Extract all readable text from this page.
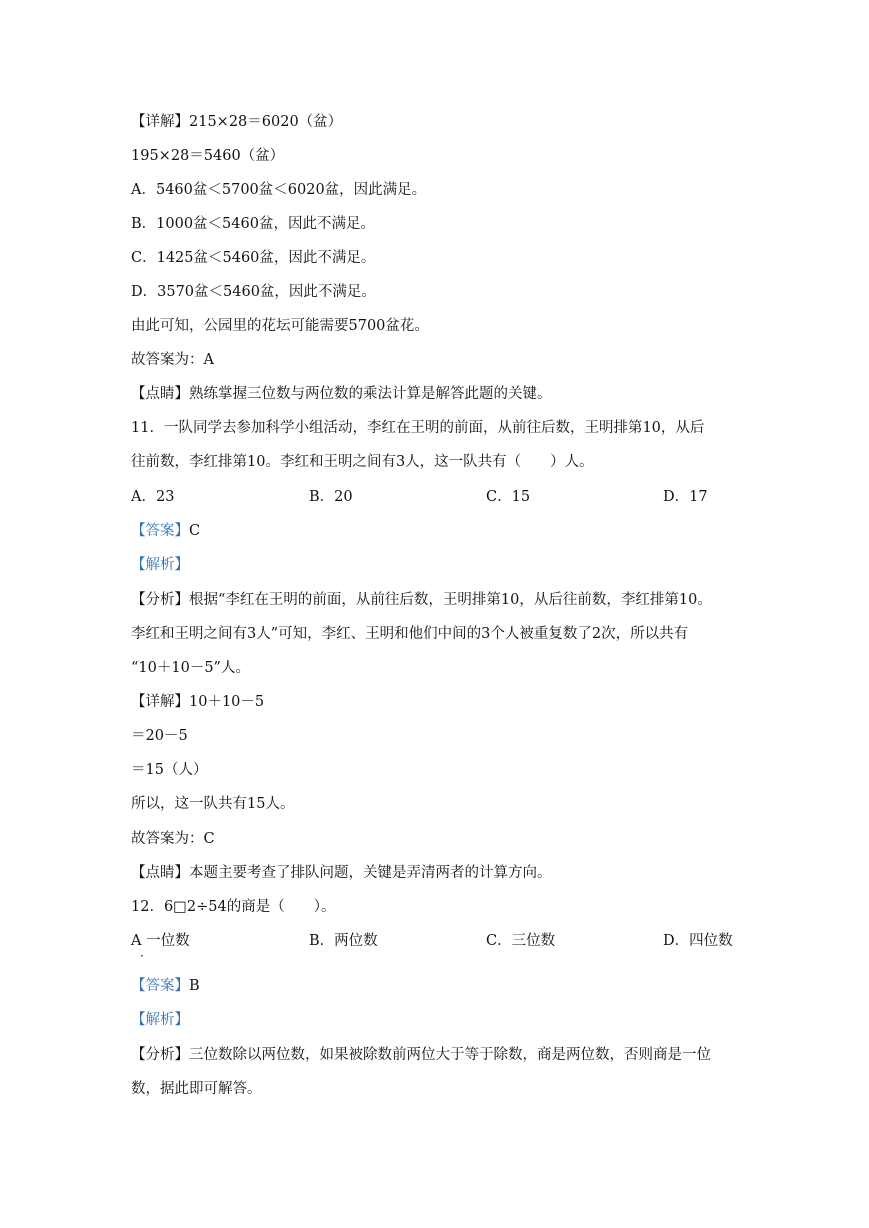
【详解】215×28＝6020（盆）
195×28＝5460（盆）
A．5460盆＜5700盆＜6020盆，因此满足。
B．1000盆＜5460盆，因此不满足。
C．1425盆＜5460盆，因此不满足。
D．3570盆＜5460盆，因此不满足。
由此可知，公园里的花坛可能需要5700盆花。
故答案为：A
【点睛】熟练掌握三位数与两位数的乘法计算是解答此题的关键。
11．一队同学去参加科学小组活动，李红在王明的前面，从前往后数，王明排第10，从后
往前数，李红排第10。李红和王明之间有3人，这一队共有（　　）人。
A．23	B．20	C．15	D．17
【答案】C
【解析】
【分析】根据“李红在王明的前面，从前往后数，王明排第10，从后往前数，李红排第10。
李红和王明之间有3人”可知，李红、王明和他们中间的3个人被重复数了2次，所以共有
“10＋10－5”人。
【详解】10＋10－5
＝20－5
＝15（人）
所以，这一队共有15人。
故答案为：C
【点睛】本题主要考查了排队问题，关键是弄清两者的计算方向。
12．6□2÷54的商是（　　）。
A 一位数
·
B．两位数	C．三位数	D．四位数
【答案】B
【解析】
【分析】三位数除以两位数，如果被除数前两位大于等于除数，商是两位数，否则商是一位
数，据此即可解答。
